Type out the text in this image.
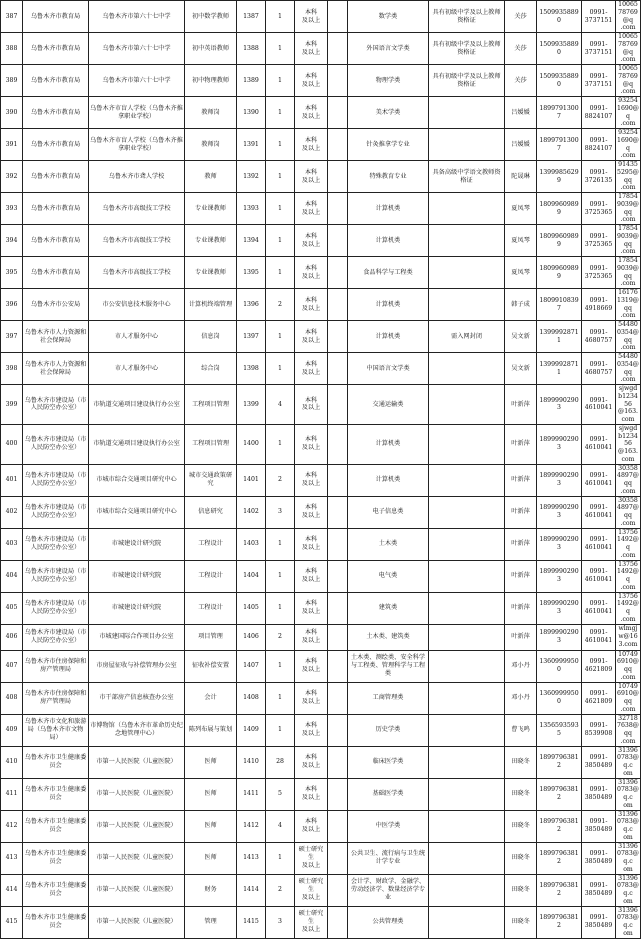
387	乌鲁木齐市教育局	乌鲁木齐市第六十七中学	初中数学教师	1387	1	本科
及以上		数学类	具有初级中学及以上教师资格证	关莎	15099358890	0991-
3737151	1006578769@q
.com
388	乌鲁木齐市教育局	乌鲁木齐市第六十七中学	初中英语教师	1388	1	本科
及以上		外国语言文学类	具有初级中学及以上教师资格证	关莎	15099358890	0991-
3737151	1006578769@q
.com
389	乌鲁木齐市教育局	乌鲁木齐市第六十七中学	初中物理教师	1389	1	本科
及以上		物理学类	具有初级中学及以上教师资格证	关莎	15099358890	0991-
3737151	1006578769@q
.com
390	乌鲁木齐市教育局	乌鲁木齐市盲人学校（乌鲁木齐推拿职业学校）	教师岗	1390	1	本科
及以上		美术学类		吕媛媛	18997913007	0991-
8824107	932541690@q
.com
391	乌鲁木齐市教育局	乌鲁木齐市盲人学校（乌鲁木齐推拿职业学校）	教师岗	1391	1	本科
及以上		针灸推拿学专业		吕媛媛	18997913007	0991-
8824107	932541690@q
.com
392	乌鲁木齐市教育局	乌鲁木齐市聋人学校	教师	1392	1	本科
及以上		特殊教育专业	具备高级中学语文教师资格证	陀晟琳	13999856299	0991-
3726135	914355295@qq
.com
393	乌鲁木齐市教育局	乌鲁木齐市高级技工学校	专业课教师	1393	1	本科
及以上		计算机类		夏凤琴	18099609899	0991-
3725365	178549039@qq
.com
394	乌鲁木齐市教育局	乌鲁木齐市高级技工学校	专业课教师	1394	1	本科
及以上		计算机类		夏凤琴	18099609899	0991-
3725365	178549039@qq
.com
395	乌鲁木齐市教育局	乌鲁木齐市高级技工学校	专业课教师	1395	1	本科
及以上		食品科学与工程类		夏凤琴	18099609899	0991-
3725365	178549039@qq
.com
396	乌鲁木齐市公安局	市公安信息技术服务中心	计算机终端管理	1396	2	本科
及以上		计算机类		韩子成	18099108397	0991-
4918669	161761319@qq
.com
397	乌鲁木齐市人力资源和社会保障局	市人才服务中心	信息岗	1397	1	本科
及以上		计算机类	需入网封闭	吴文新	13999928711	0991-
4680757	544800354@qq
.com
398	乌鲁木齐市人力资源和社会保障局	市人才服务中心	综合岗	1398	1	本科
及以上		中国语言文学类		吴文新	13999928711	0991-
4680757	544800354@qq
.com
399	乌鲁木齐市建设局（市人民防空办公室）	市轨道交通项目建设执行办公室	工程项目管理	1399	4	本科
及以上		交通运输类		叶新萍	18999902903	0991-
4610041	sjwgdb123456
@163.com
400	乌鲁木齐市建设局（市人民防空办公室）	市轨道交通项目建设执行办公室	工程项目管理	1400	1	本科
及以上		计算机类		叶新萍	18999902903	0991-
4610041	sjwgdb123456
@163.com
401	乌鲁木齐市建设局（市人民防空办公室）	市城市综合交通项目研究中心	城市交通政策研究	1401	2	本科
及以上		计算机类		叶新萍	18999902903	0991-
4610041	303584897@qq
.com
402	乌鲁木齐市建设局（市人民防空办公室）	市城市综合交通项目研究中心	信息研究	1402	3	本科
及以上		电子信息类		叶新萍	18999902903	0991-
4610041	303584897@qq
.com
403	乌鲁木齐市建设局（市人民防空办公室）	市城建设计研究院	工程设计	1403	1	本科
及以上		土木类		叶新萍	18999902903	0991-
4610041	137561492@q
.com
404	乌鲁木齐市建设局（市人民防空办公室）	市城建设计研究院	工程设计	1404	1	本科
及以上		电气类		叶新萍	18999902903	0991-
4610041	137561492@q
.com
405	乌鲁木齐市建设局（市人民防空办公室）	市城建设计研究院	工程设计	1405	1	本科
及以上		建筑类		叶新萍	18999902903	0991-
4610041	137561492@q
.com
406	乌鲁木齐市建设局（市人民防空办公室）	市城建国际合作项目办公室	项目管理	1406	2	本科
及以上		土木类、建筑类		叶新萍	18999902903	0991-
4610041	wlmgjw@163.com
407	乌鲁木齐市住房保障和房产管理局	市房屋征收与补偿管理办公室	征收补偿安置	1407	1	本科
及以上		土木类、测绘类、安全科学与工程类、管理科学与工程类		邓小丹	13609999500	0991-
4621809	107496910@qq
.com
408	乌鲁木齐市住房保障和房产管理局	市干部房产信息核查办公室	会计	1408	1	本科
及以上		工商管理类		邓小丹	13609999500	0991-
4621809	107496910@qq
.com
409	乌鲁木齐市文化和旅游局（乌鲁木齐市文物局）	市博物馆（乌鲁木齐市革命历史纪念地管理中心）	陈列布展与策划	1409	1	本科
及以上		历史学类		曹飞鸣	13565935935	0991-
8539908	327187638@qq
.com
410	乌鲁木齐市卫生健康委员会	市第一人民医院（儿童医院）	医师	1410	28	本科
及以上		临床医学类		田晓冬	18997963812	0991-
3850489	313960783@q.c
om
411	乌鲁木齐市卫生健康委员会	市第一人民医院（儿童医院）	医师	1411	5	本科
及以上		基础医学类		田晓冬	18997963812	0991-
3850489	313960783@q.c
om
412	乌鲁木齐市卫生健康委员会	市第一人民医院（儿童医院）	医师	1412	4	本科
及以上		中医学类		田晓冬	18997963812	0991-
3850489	313960783@q.c
om
413	乌鲁木齐市卫生健康委员会	市第一人民医院（儿童医院）	医师	1413	1	硕士研究生
及以上		公共卫生、流行病与卫生统计学专业		田晓冬	18997963812	0991-
3850489	313960783@q.c
om
414	乌鲁木齐市卫生健康委员会	市第一人民医院（儿童医院）	财务	1414	2	硕士研究生
及以上		会计学、财政学、金融学、劳动经济学、数量经济学专业		田晓冬	18997963812	0991-
3850489	313960783@q.c
om
415	乌鲁木齐市卫生健康委员会	市第一人民医院（儿童医院）	管理	1415	3	硕士研究生
及以上		公共管理类		田晓冬	18997963812	0991-
3850489	313960783@q.c
om
